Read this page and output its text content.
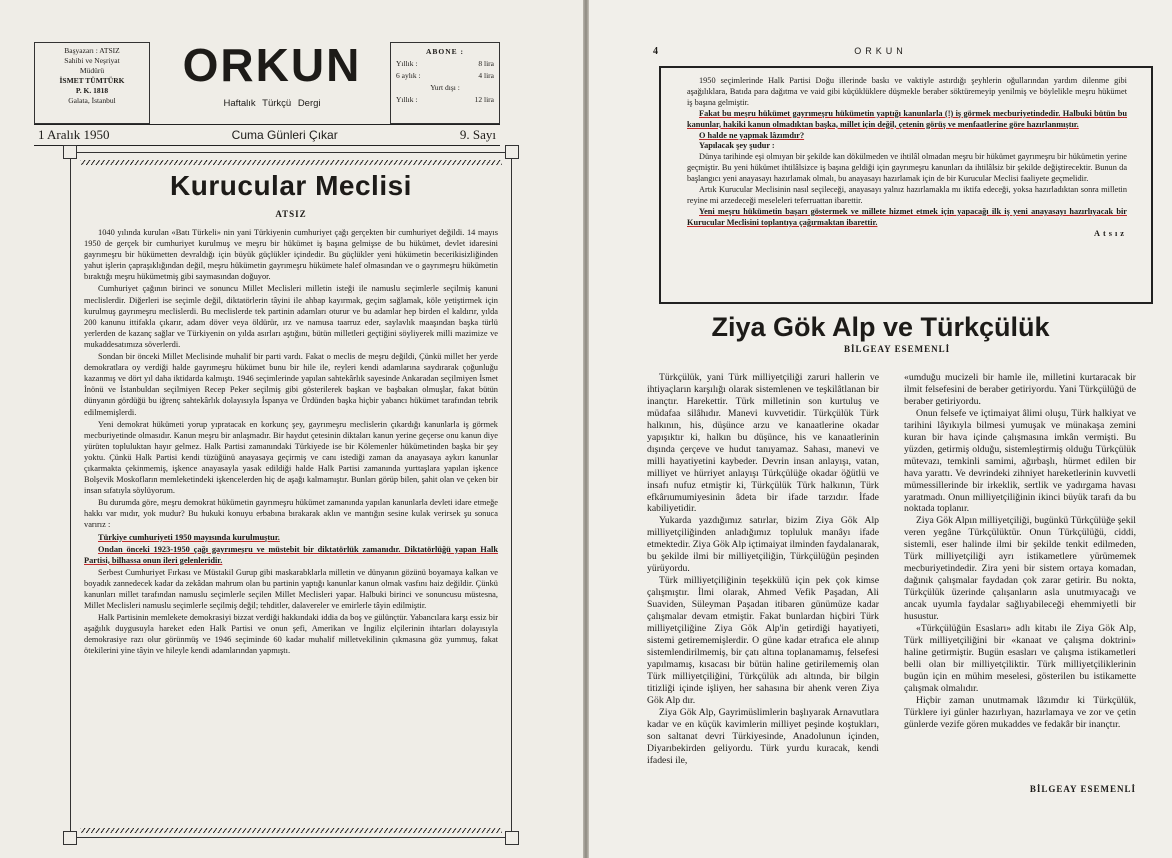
Başyazarı : ATSIZ
Sahibi ve Neşriyat
Müdürü
İSMET TÜMTÜRK
P. K. 1818
Galata, İstanbul
ORKUN
Haftalık Türkçü Dergi
ABONE :
Yıllık :	8 lira
6 aylık :	4 lira
Yurt dışı :
Yıllık :	12 lira
1 Aralık 1950	Cuma Günleri Çıkar	9. Sayı
Kurucular Meclisi
ATSIZ

1040 yılında kurulan «Batı Türkeli» nin yani Türkiyenin cumhuriyet çağı gerçekten bir cumhuriyet değildi. 14 mayıs 1950 de gerçek bir cumhuriyet kurulmuş ve meşru bir hükümet iş başına gelmişse de bu hükümet, devlet idaresini gayrımeşru bir hükümetten devraldığı için büyük güçlükler içindedir. Bu güçlükler yeni hükümetin becerikisizliğinden yahut işlerin çapraşıklığından değil, meşru hükümetin gayrımeşru hükümete halef olmasından ve o gayrımeşru hükümetin bıraktığı meşru hükümetmiş gibi saymasından doğuyor.

Cumhuriyet çağının birinci ve sonuncu Millet Meclisleri milletin isteği ile namuslu seçimlerle seçilmiş kanuni meclislerdir. Diğerleri ise seçimle değil, diktatörlerin tâyini ile ahbap kayırmak, geçim sağlamak, köle yetiştirmek için kurulmuş gayrımeşru meclislerdi. Bu meclislerde tek partinin adamları oturur ve bu adamlar hep birden el kaldırır, yılda 200 kanunu ittifakla çıkarır, adam döver veya öldürür, ırz ve namusa taarruz eder, saylavlık maaşından başka türlü yerlerden de kazanç sağlar ve Türkiyenin on yılda asırları aştığını, bütün milletleri geçtiğini söyliyerek milli mazimize ve mukaddesatımıza söverlerdi.

Sondan bir önceki Millet Meclisinde muhalif bir parti vardı. Fakat o meclis de meşru değildi, Çünkü millet her yerde demokratlara oy verdiği halde gayrımeşru hükümet bunu bir hile ile, reyleri kendi adamlarına saydırarak çoğunluğu kazanmış ve dört yıl daha iktidarda kalmıştı. 1946 seçimlerinde yapılan sahtekârlık sayesinde Ankaradan seçilmiyen İsmet İnönü ve İstanbuldan seçilmiyen Recep Peker seçilmiş gibi gösterilerek başkan ve başbakan olmuşlar, fakat bütün dünyanın gördüğü bu iğrenç sahtekârlık dolayısıyla İspanya ve Ürdünden başka hiçbir yabancı hükümet tarafından tebrik edilmemişlerdi.

Yeni demokrat hükümeti yorup yıpratacak en korkunç şey, gayrımeşru meclislerin çıkardığı kanunlarla iş görmek mecburiyetinde olmasıdır. Kanun meşru bir anlaşmadır. Bir haydut çetesinin diktaları kanun yerine geçerse onu kanun diye yürüten topluluktan hayır gelmez. Halk Partisi zamanındaki Türkiyede ise bir Kölemenler hükümetinden başka bir şey yoktu. Çünkü Halk Partisi kendi tüzüğünü anayasaya geçirmiş ve canı istediği zaman da anayasaya aykırı kanunlar çıkarmakta çekinmemiş, işkence anayasayla yasak edildiği halde Halk Partisi zamanında yurttaşlara yapılan işkence Bolşevik Moskofların memleketindeki işkencelerden hiç de aşağı kalmamıştır. Bunları görüp bilen, şahit olan ve çeken bir insan sıfatıyla söylüyorum.

Bu durumda göre, meşru demokrat hükümetin gayrımeşru hükümet zamanında yapılan kanunlarla devleti idare etmeğe hakkı var mıdır, yok mudur? Bu hukuki konuyu erbabına bırakarak aklın ve mantığın sesine kulak verirsek şu sonuca varırız :

Türkiye cumhuriyeti 1950 mayısında kurulmuştur.

Ondan önceki 1923-1950 çağı gayrımeşru ve müstebit bir diktatörlük zamanıdır. Diktatörlüğü yapan Halk Partisi, bilhassa onun ileri gelenleridir.

Serbest Cumhuriyet Fırkası ve Müstakil Gurup gibi maskarabklarla milletin ve dünyanın gözünü boyamaya kalkan ve boyadık zannedecek kadar da zekâdan mahrum olan bu partinin yaptığı kanunlar kanun olmak vasfını haiz değildir. Çünkü kanunları millet tarafından namuslu seçimlerle seçilen Millet Meclisleri yapar. Halbuki birinci ve sonuncusu müstesna, Millet Meclisleri namuslu seçimlerle seçilmiş değil; tehditler, dalavereler ve emirlerle tâyin edilmiştir.

Halk Partisinin memlekete demokrasiyi bizzat verdiği hakkındaki iddia da boş ve gülünçtür. Yabancılara karşı essiz bir aşağılık duygusuyla hareket eden Halk Partisi ve onun şefi, Amerikan ve İngiliz elçilerinin ihtarları dolayısıyla demokrasiye razı olur görünmüş ve 1946 seçiminde 60 kadar muhalif milletvekilinin çıkmasına göz yummuş, fakat ötekilerini yine tâyin ve hileyle kendi adamlarından yapmıştı.

4	ORKUN

1950 seçimlerinde Halk Partisi Doğu illerinde baskı ve vaktiyle astırdığı şeyhlerin oğullarından yardım dilenme gibi aşağılıklara, Batıda para dağıtma ve vaid gibi küçüklüklere düşmekle beraber söktüremeyip yenilmiş ve böylelikle meşru hükümet iş başına gelmiştir.

Fakat bu meşru hükümet gayrımeşru hükümetin yaptığı kanunlarla (!) iş görmek mecburiyetindedir. Halbuki bütün bu kanunlar, hakiki kanun olmadıktan başka, millet için değil, çetenin görüş ve menfaatlerine göre hazırlanmıştır.

O halde ne yapmak lâzımdır?

Yapılacak şey şudur :

Dünya tarihinde eşi olmıyan bir şekilde kan dökülmeden ve ihtilâl olmadan meşru bir hükümet gayrımeşru bir hükümetin yerine geçmiştir. Bu yeni hükümet ihtilâlsizce iş başına geldiği için gayrımeşru kanunları da ihtilâlsiz bir şekilde değiştirecektir. Bunun da başlangıcı yeni anayasayı hazırlamak olmalı, bu anayasayı hazırlamak için de bir Kurucular Meclisi faaliyete geçmelidir.

Artık Kurucular Meclisinin nasıl seçileceği, anayasayı yalnız hazırlamakla mı iktifa edeceği, yoksa hazırladıktan sonra milletin reyine mi arzedeceği meseleleri teferruattan ibarettir.

Yeni meşru hükümetin başarı göstermek ve millete hizmet etmek için yapacağı ilk iş yeni anayasayı hazırlıyacak bir Kurucular Meclisini toplantıya çağırmaktan ibarettir.

Atsız
Ziya Gök Alp ve Türkçülük
BİLGEAY ESEMENLİ

Türkçülük, yani Türk milliyetçiliği zaruri hallerin ve ihtiyaçların karşılığı olarak sistemlenen ve teşkilâtlanan bir inançtır. Harekettir. Türk milletinin son kurtuluş ve müdafaa silâhıdır. Manevi kuvvetidir. Türkçülük Türk halkının, his, düşünce arzu ve kanaatlerine okadar yapışıktır ki, halkın bu düşünce, his ve kanaatlerinin dışında çerçeve ve hudut tanıyamaz. Sahası, manevi ve milli hayatiyetini kaybeder. Devrin insan anlayışı, vatan, milliyet ve hürriyet anlayışı Türkçülüğe okadar öğütlü ve insafı nufuz etmiştir ki, Türkçülük Türk halkının, Türk efkârıumumiyesinin âdeta bir ifade tarzıdır. İfade kabiliyetidir.

Yukarda yazdığımız satırlar, bizim Ziya Gök Alp milliyetçiliğinden anladığımız topluluk manâyı ifade etmektedir. Ziya Gök Alp içtimaiyat ilminden faydalanarak, bu şekilde ilmi bir milliyetçiliğin, Türkçülüğün peşinden yürüyordu.

Türk milliyetçiliğinin teşekkülü için pek çok kimse çalışmıştır. İlmi olarak, Ahmed Vefik Paşadan, Ali Suaviden, Süleyman Paşadan itibaren günümüze kadar çalışmalar devam etmiştir. Fakat bunlardan hiçbiri Türk milliyetçiliğine Ziya Gök Alp'in getirdiği hayatiyeti, sistemi getirememişlerdir. O güne kadar etrafıca ele alınıp sistemlendirilmemiş, bir çatı altına toplanamamış, felsefesi yapılmamış, kısacası bir bütün haline getirilememiş olan Türk milliyetçiliğini, Türkçülük adı altında, bir bilgin titizliği içinde işliyen, her sahasına bir ahenk veren Ziya Gök Alp dır.

Ziya Gök Alp, Gayrimüslimlerin başlıyarak Arnavutlara kadar ve en küçük kavimlerin milliyet peşinde koştukları, son saltanat devri Türkiyesinde, Anadolunun içinden, Diyarıbekirden geliyordu. Türk yurdu kuracak, kendi ifadesi ile,

«umduğu mucizeli bir hamle ile, milletini kurtaracak bir ilmit felsefesini de beraber getiriyordu. Yani Türkçülüğü de beraber getiriyordu.

Onun felsefe ve içtimaiyat âlimi oluşu, Türk halkiyat ve tarihini lâyıkıyla bilmesi yumuşak ve münakaşa zemini kuran bir hava içinde çalışmasına imkân vermişti. Bu yüzden, getirmiş olduğu, sistemleştirmiş olduğu Türkçülük mütevazı, temkinli samimi, ağırbaşlı, hürmet edilen bir hava yarattı. Ve devrindeki zihniyet hareketlerinin kuvvetli mümessillerinde bir irkeklik, sertlik ve yadırgama havası yaratmadı. Onun milliyetçiliğinin ikinci büyük tarafı da bu noktada toplanır.

Ziya Gök Alpın milliyetçiliği, bugünkü Türkçülüğe şekil veren yegâne Türkçülüktür. Onun Türkçülüğü, ciddi, sistemli, eser halinde ilmi bir şekilde tenkit edilmeden, Türk milliyetçiliği ayrı istikametlere yürümemek mecburiyetindedir. Zira yeni bir sistem ortaya komadan, dağınık çalışmalar faydadan çok zarar getirir. Bu nokta, Türkçülük üzerinde çalışanların asla unutmıyacağı ve ancak uyumla faydalar sağlıyabileceği ehemmiyetli bir husustur.

«Türkçülüğün Esasları» adlı kitabı ile Ziya Gök Alp, Türk milliyetçiliğini bir «kanaat ve çalışma doktrini» haline getirmiştir. Bugün esasları ve çalışma istikametleri belli olan bir milliyetçiliktir. Türk milliyetçiliklerinin bugün için en mühim meselesi, gösterilen bu istikamette çalışmak olmalıdır.

Hiçbir zaman unutmamak lâzımdır ki Türkçülük, Türklere iyi günler hazırlıyan, hazırlamaya ve zor ve çetin günlerde vezife gören mukaddes ve fedakâr bir inançtır.

BİLGEAY ESEMENLİ
